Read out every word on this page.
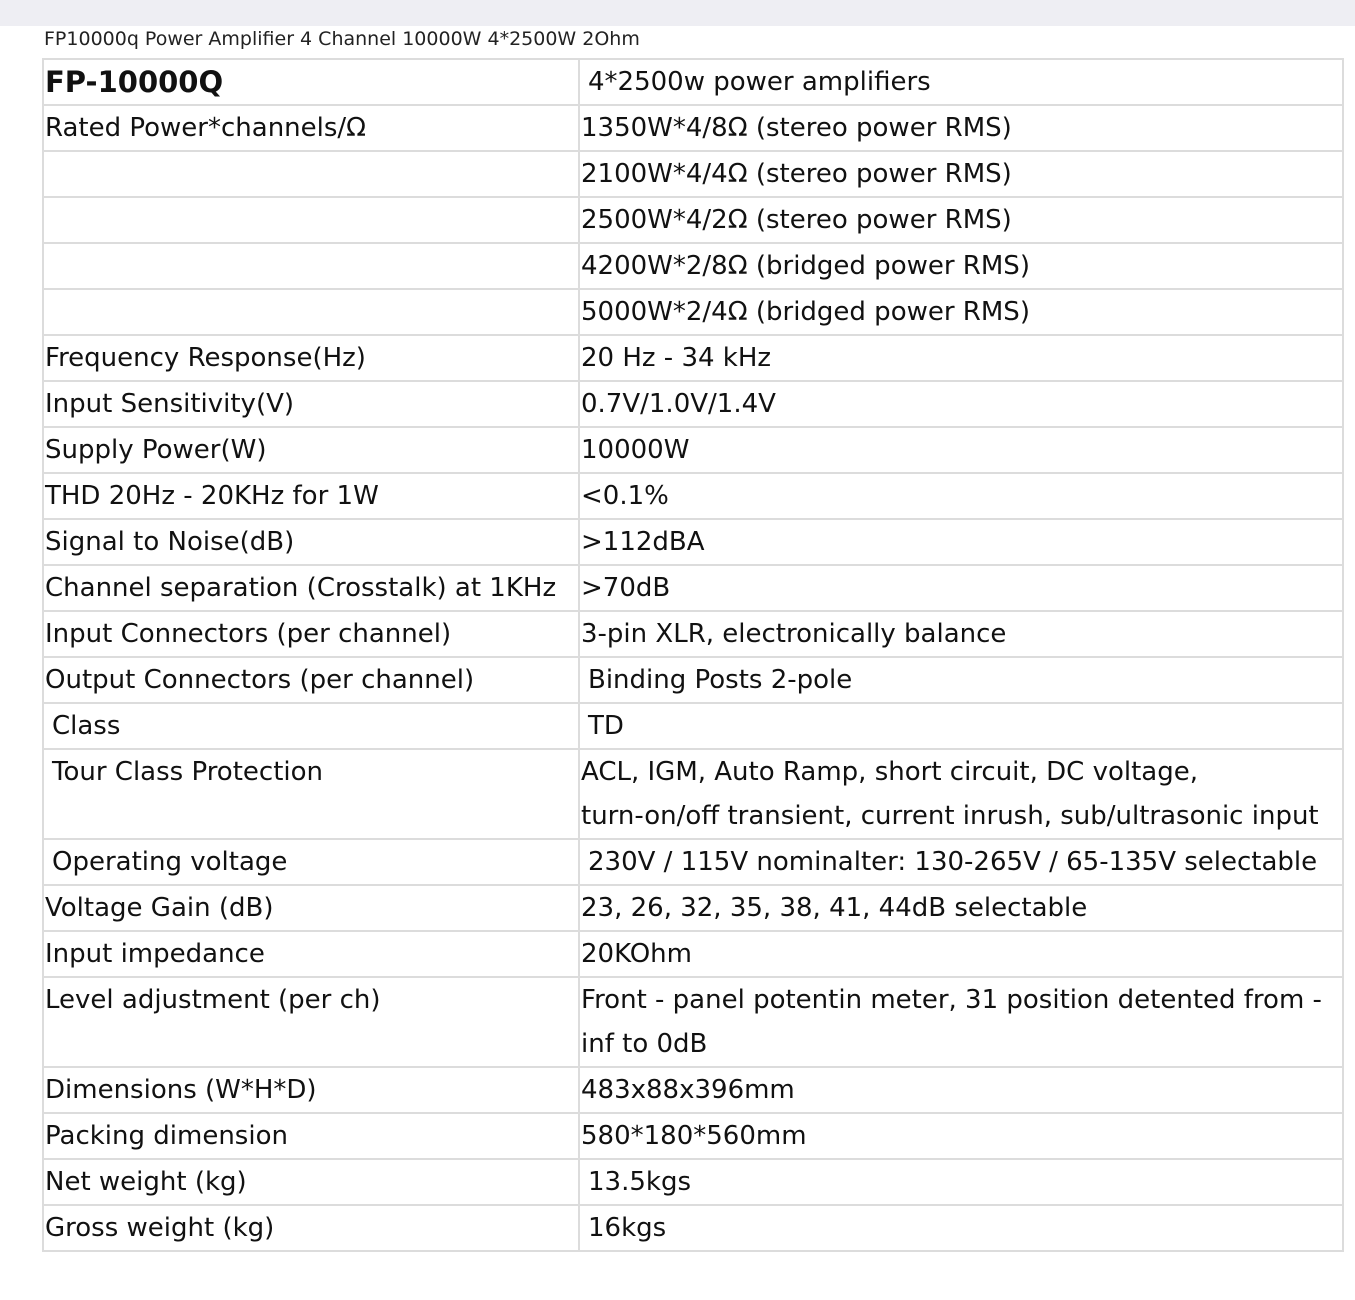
FP10000q Power Amplifier 4 Channel 10000W 4*2500W 2Ohm
FP-10000Q	4*2500w power amplifiers
Rated Power*channels/Ω	1350W*4/8Ω (stereo power RMS)
	2100W*4/4Ω (stereo power RMS)
	2500W*4/2Ω (stereo power RMS)
	4200W*2/8Ω (bridged power RMS)
	5000W*2/4Ω (bridged power RMS)
Frequency Response(Hz)	20 Hz - 34 kHz
Input Sensitivity(V)	0.7V/1.0V/1.4V
Supply Power(W)	10000W
THD 20Hz - 20KHz for 1W	<0.1%
Signal to Noise(dB)	>112dBA
Channel separation (Crosstalk) at 1KHz	>70dB
Input Connectors (per channel)	3-pin XLR, electronically balance
Output Connectors (per channel)	Binding Posts 2-pole
Class	TD
Tour Class Protection	ACL, IGM, Auto Ramp, short circuit, DC voltage,
turn-on/off transient, current inrush, sub/ultrasonic input
Operating voltage	230V / 115V nominalter: 130-265V / 65-135V selectable
Voltage Gain (dB)	23, 26, 32, 35, 38, 41, 44dB selectable
Input impedance	20KOhm
Level adjustment (per ch)	Front - panel potentin meter, 31 position detented from -
inf to 0dB
Dimensions (W*H*D)	483x88x396mm
Packing dimension	580*180*560mm
Net weight (kg)	13.5kgs
Gross weight (kg)	16kgs
